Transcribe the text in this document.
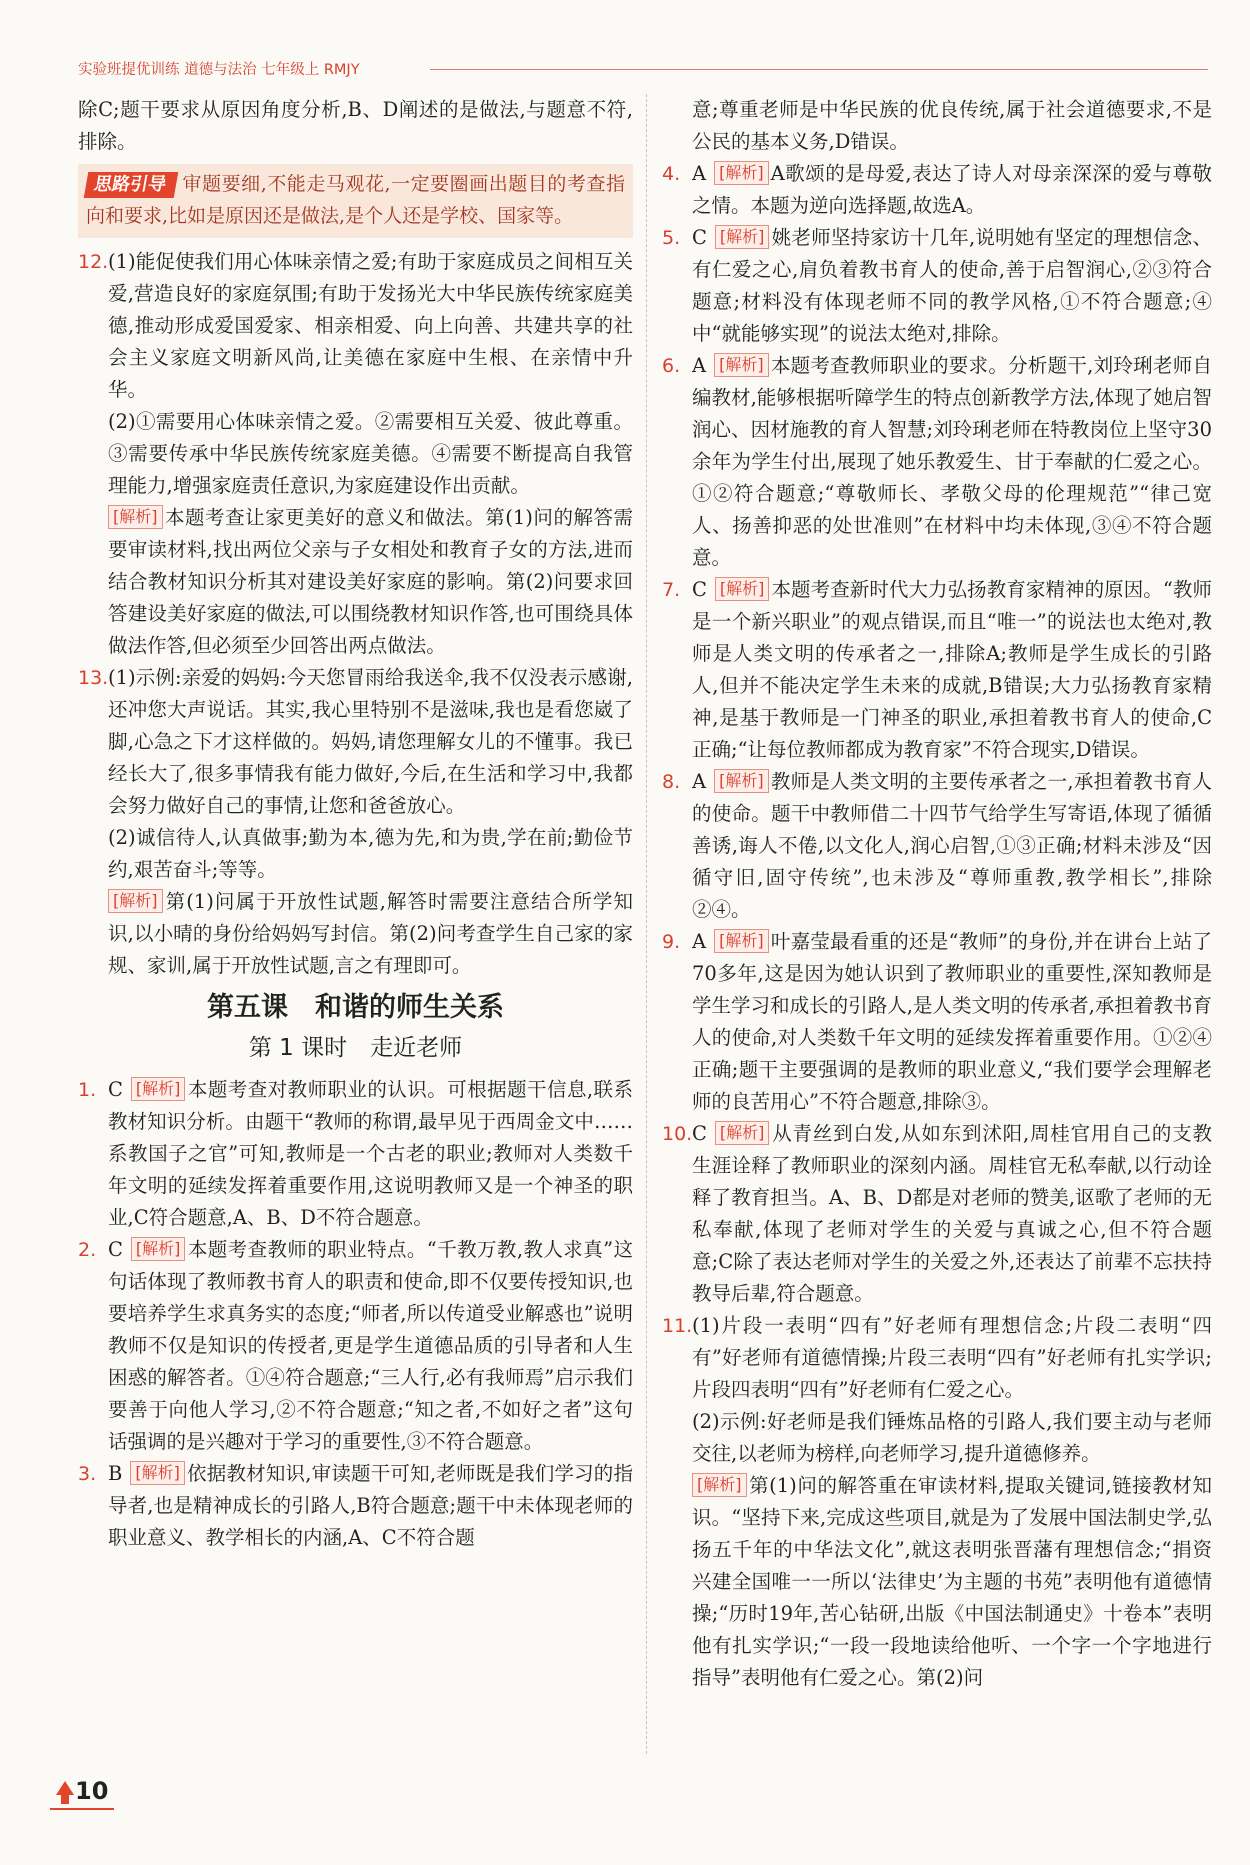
实验班提优训练 道德与法治 七年级上 RMJY

除C;题干要求从原因角度分析,B、D阐述的是做法,与题意不符,排除。

思路引导 审题要细,不能走马观花,一定要圈画出题目的考查指向和要求,比如是原因还是做法,是个人还是学校、国家等。
12. (1)能促使我们用心体味亲情之爱;有助于家庭成员之间相互关爱,营造良好的家庭氛围;有助于发扬光大中华民族传统家庭美德,推动形成爱国爱家、相亲相爱、向上向善、共建共享的社会主义家庭文明新风尚,让美德在家庭中生根、在亲情中升华。

(2)①需要用心体味亲情之爱。②需要相互关爱、彼此尊重。③需要传承中华民族传统家庭美德。④需要不断提高自我管理能力,增强家庭责任意识,为家庭建设作出贡献。

[解析] 本题考查让家更美好的意义和做法。第(1)问的解答需要审读材料,找出两位父亲与子女相处和教育子女的方法,进而结合教材知识分析其对建设美好家庭的影响。第(2)问要求回答建设美好家庭的做法,可以围绕教材知识作答,也可围绕具体做法作答,但必须至少回答出两点做法。

13. (1)示例:亲爱的妈妈:今天您冒雨给我送伞,我不仅没表示感谢,还冲您大声说话。其实,我心里特别不是滋味,我也是看您崴了脚,心急之下才这样做的。妈妈,请您理解女儿的不懂事。我已经长大了,很多事情我有能力做好,今后,在生活和学习中,我都会努力做好自己的事情,让您和爸爸放心。

(2)诚信待人,认真做事;勤为本,德为先,和为贵,学在前;勤俭节约,艰苦奋斗;等等。

[解析] 第(1)问属于开放性试题,解答时需要注意结合所学知识,以小晴的身份给妈妈写封信。第(2)问考查学生自己家的家规、家训,属于开放性试题,言之有理即可。

第五课　和谐的师生关系
第 1 课时　走近老师
1. C [解析] 本题考查对教师职业的认识。可根据题干信息,联系教材知识分析。由题干“教师的称谓,最早见于西周金文中……系教国子之官”可知,教师是一个古老的职业;教师对人类数千年文明的延续发挥着重要作用,这说明教师又是一个神圣的职业,C符合题意,A、B、D不符合题意。

2. C [解析] 本题考查教师的职业特点。“千教万教,教人求真”这句话体现了教师教书育人的职责和使命,即不仅要传授知识,也要培养学生求真务实的态度;“师者,所以传道受业解惑也”说明教师不仅是知识的传授者,更是学生道德品质的引导者和人生困惑的解答者。①④符合题意;“三人行,必有我师焉”启示我们要善于向他人学习,②不符合题意;“知之者,不如好之者”这句话强调的是兴趣对于学习的重要性,③不符合题意。

3. B [解析] 依据教材知识,审读题干可知,老师既是我们学习的指导者,也是精神成长的引路人,B符合题意;题干中未体现老师的职业意义、教学相长的内涵,A、C不符合题

意;尊重老师是中华民族的优良传统,属于社会道德要求,不是公民的基本义务,D错误。

4. A [解析] A歌颂的是母爱,表达了诗人对母亲深深的爱与尊敬之情。本题为逆向选择题,故选A。

5. C [解析] 姚老师坚持家访十几年,说明她有坚定的理想信念、有仁爱之心,肩负着教书育人的使命,善于启智润心,②③符合题意;材料没有体现老师不同的教学风格,①不符合题意;④中“就能够实现”的说法太绝对,排除。

6. A [解析] 本题考查教师职业的要求。分析题干,刘玲琍老师自编教材,能够根据听障学生的特点创新教学方法,体现了她启智润心、因材施教的育人智慧;刘玲琍老师在特教岗位上坚守30余年为学生付出,展现了她乐教爱生、甘于奉献的仁爱之心。①②符合题意;“尊敬师长、孝敬父母的伦理规范”“律己宽人、扬善抑恶的处世准则”在材料中均未体现,③④不符合题意。

7. C [解析] 本题考查新时代大力弘扬教育家精神的原因。“教师是一个新兴职业”的观点错误,而且“唯一”的说法也太绝对,教师是人类文明的传承者之一,排除A;教师是学生成长的引路人,但并不能决定学生未来的成就,B错误;大力弘扬教育家精神,是基于教师是一门神圣的职业,承担着教书育人的使命,C正确;“让每位教师都成为教育家”不符合现实,D错误。

8. A [解析] 教师是人类文明的主要传承者之一,承担着教书育人的使命。题干中教师借二十四节气给学生写寄语,体现了循循善诱,诲人不倦,以文化人,润心启智,①③正确;材料未涉及“因循守旧,固守传统”,也未涉及“尊师重教,教学相长”,排除②④。

9. A [解析] 叶嘉莹最看重的还是“教师”的身份,并在讲台上站了70多年,这是因为她认识到了教师职业的重要性,深知教师是学生学习和成长的引路人,是人类文明的传承者,承担着教书育人的使命,对人类数千年文明的延续发挥着重要作用。①②④正确;题干主要强调的是教师的职业意义,“我们要学会理解老师的良苦用心”不符合题意,排除③。

10. C [解析] 从青丝到白发,从如东到沭阳,周桂官用自己的支教生涯诠释了教师职业的深刻内涵。周桂官无私奉献,以行动诠释了教育担当。A、B、D都是对老师的赞美,讴歌了老师的无私奉献,体现了老师对学生的关爱与真诚之心,但不符合题意;C除了表达老师对学生的关爱之外,还表达了前辈不忘扶持教导后辈,符合题意。

11. (1)片段一表明“四有”好老师有理想信念;片段二表明“四有”好老师有道德情操;片段三表明“四有”好老师有扎实学识;片段四表明“四有”好老师有仁爱之心。

(2)示例:好老师是我们锤炼品格的引路人,我们要主动与老师交往,以老师为榜样,向老师学习,提升道德修养。

[解析] 第(1)问的解答重在审读材料,提取关键词,链接教材知识。“坚持下来,完成这些项目,就是为了发展中国法制史学,弘扬五千年的中华法文化”,就这表明张晋藩有理想信念;“捐资兴建全国唯一一所以‘法律史’为主题的书苑”表明他有道德情操;“历时19年,苦心钻研,出版《中国法制通史》十卷本”表明他有扎实学识;“一段一段地读给他听、一个字一个字地进行指导”表明他有仁爱之心。第(2)问

10
